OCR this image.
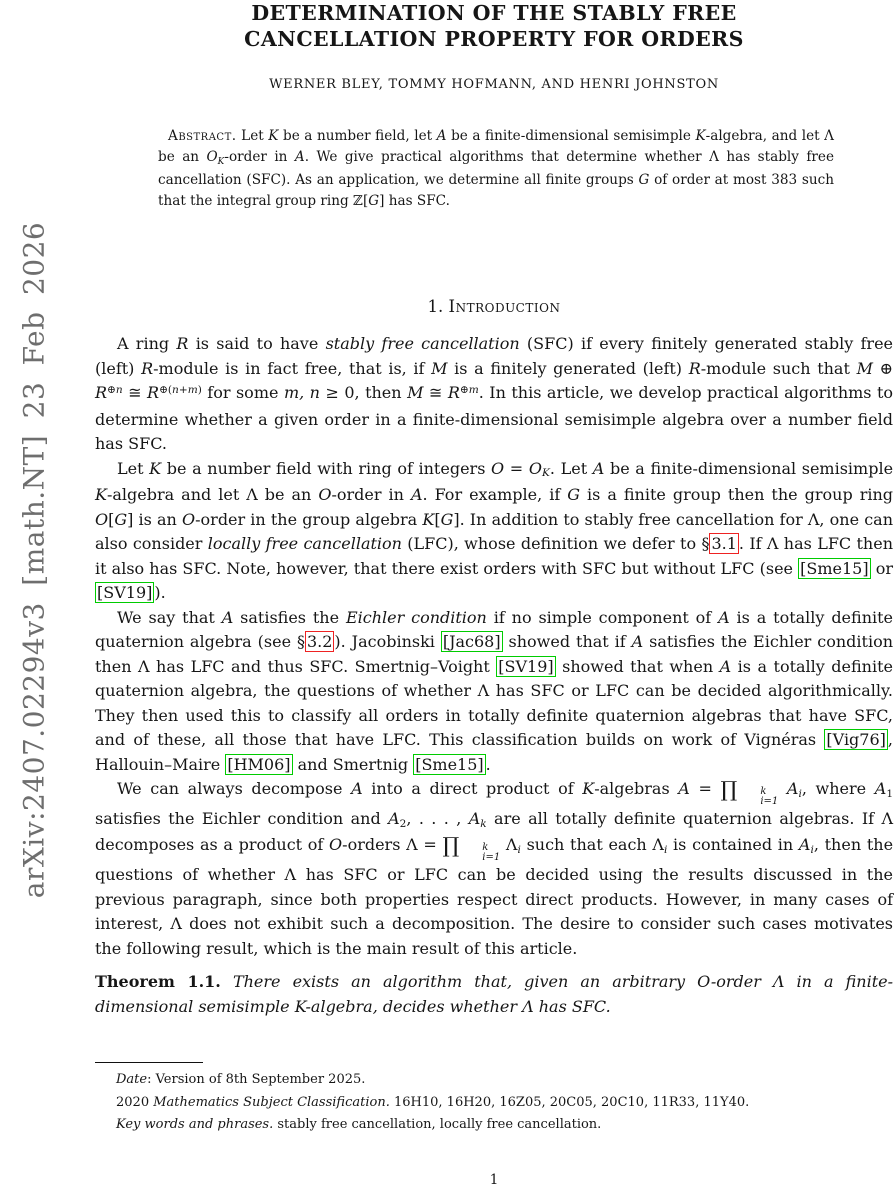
arXiv:2407.02294v3 [math.NT] 23 Feb 2026
DETERMINATION OF THE STABLY FREE
CANCELLATION PROPERTY FOR ORDERS
WERNER BLEY, TOMMY HOFMANN, AND HENRI JOHNSTON

Abstract. Let K be a number field, let A be a finite-dimensional semisimple K-algebra, and let Λ be an OK-order in A. We give practical algorithms that determine whether Λ has stably free cancellation (SFC). As an application, we determine all finite groups G of order at most 383 such that the integral group ring ℤ[G] has SFC.

1. Introduction

A ring R is said to have stably free cancellation (SFC) if every finitely generated stably free (left) R-module is in fact free, that is, if M is a finitely generated (left) R-module such that M ⊕ $R^{\oplus n}$ ≅ $R^{\oplus(n+m)}$ for some m, n ≥ 0, then M ≅ $R^{\oplus m}$. In this article, we develop practical algorithms to determine whether a given order in a finite-dimensional semisimple algebra over a number field has SFC.

Let K be a number field with ring of integers O = OK. Let A be a finite-dimensional semisimple K-algebra and let Λ be an O-order in A. For example, if G is a finite group then the group ring O[G] is an O-order in the group algebra K[G]. In addition to stably free cancellation for Λ, one can also consider locally free cancellation (LFC), whose definition we defer to § 3.1 . If Λ has LFC then it also has SFC. Note, however, that there exist orders with SFC but without LFC (see [Sme15] or [SV19] ).

We say that A satisfies the Eichler condition if no simple component of A is a totally definite quaternion algebra (see § 3.2 ). Jacobinski [Jac68] showed that if A satisfies the Eichler condition then Λ has LFC and thus SFC. Smertnig–Voight [SV19] showed that when A is a totally definite quaternion algebra, the questions of whether Λ has SFC or LFC can be decided algorithmically. They then used this to classify all orders in totally definite quaternion algebras that have SFC, and of these, all those that have LFC. This classification builds on work of Vignéras [Vig76] , Hallouin–Maire [HM06] and Smertnig [Sme15] .

We can always decompose A into a direct product of K-algebras A = ∏	k
i=1
Ai, where A1 satisfies the Eichler condition and A2, . . . , Ak are all totally definite quaternion algebras. If Λ decomposes as a product of O-orders Λ = ∏	k
i=1
Λi such that each Λi is contained in Ai, then the questions of whether Λ has SFC or LFC can be decided using the results discussed in the previous paragraph, since both properties respect direct products. However, in many cases of interest, Λ does not exhibit such a decomposition. The desire to consider such cases motivates the following result, which is the main result of this article.

Theorem 1.1. There exists an algorithm that, given an arbitrary O-order Λ in a finite-dimensional semisimple K-algebra, decides whether Λ has SFC.

Date: Version of 8th September 2025.

2020 Mathematics Subject Classification. 16H10, 16H20, 16Z05, 20C05, 20C10, 11R33, 11Y40.

Key words and phrases. stably free cancellation, locally free cancellation.

1
